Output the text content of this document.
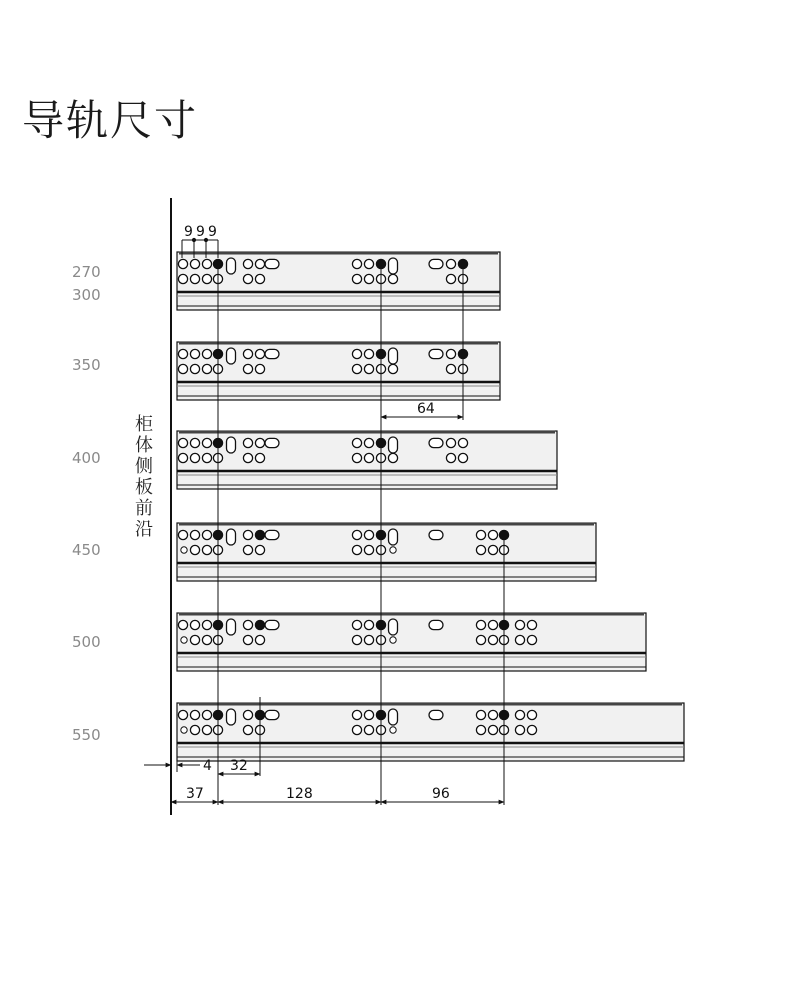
导轨尺寸
柜
体
侧
板
前
沿
270
300
350
400
450
500
550
9 9 9
64
4 32
37	128	96
